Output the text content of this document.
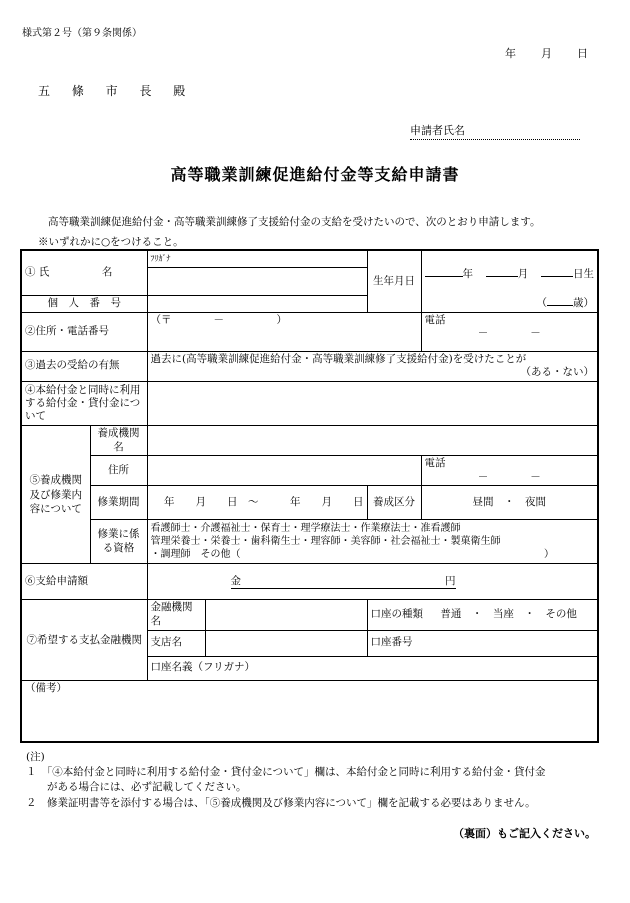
様式第２号（第９条関係）
年 月 日
五 條 市 長 殿
申請者氏名
高等職業訓練促進給付金等支給申請書
高等職業訓練促進給付金・高等職業訓練修了支援給付金の支給を受けたいので、次のとおり申請します。
※いずれかに○をつけること。
① 氏　　　　　名		ﾌﾘｶﾞﾅ		生年月日	年 月 日生

個　人　番　号					（ 歳）
②住所・電話番号		（〒　　　　－　　　　　）			電話
－　　　　－

③過去の受給の有無		過去に(高等職業訓練促進給付金・高等職業訓練修了支援給付金)を受けたことが
（ある・ない）			

④本給付金と同時に利用する給付金・貸付金について					
⑤養成機関及び修業内容について	養成機関名				
	住所				電話
－　　　　－

	修業期間	年　　月　　日　～　　　年　　月　　日		養成区分	昼間　・　夜間
	修業に係る資格	看護師士・介護福祉士・保育士・理学療法士・作業療法士・准看護師
管理栄養士・栄養士・歯科衛生士・理容師・美容師・社会福祉士・製菓衛生師
・調理師　その他（ ）			

⑥支給申請額		金 円			

⑦希望する支払金融機関		金融機関名		口座の種類 普通　・　当座　・　その他	
		支店名		口座番号	
		口座名義（フリガナ）			
（備考）					
(注)
１　「④本給付金と同時に利用する給付金・貸付金について」欄は、本給付金と同時に利用する給付金・貸付金
　　がある場合には、必ず記載してください。
２　修業証明書等を添付する場合は、「⑤養成機関及び修業内容について」欄を記載する必要はありません。
（裏面）もご記入ください。
